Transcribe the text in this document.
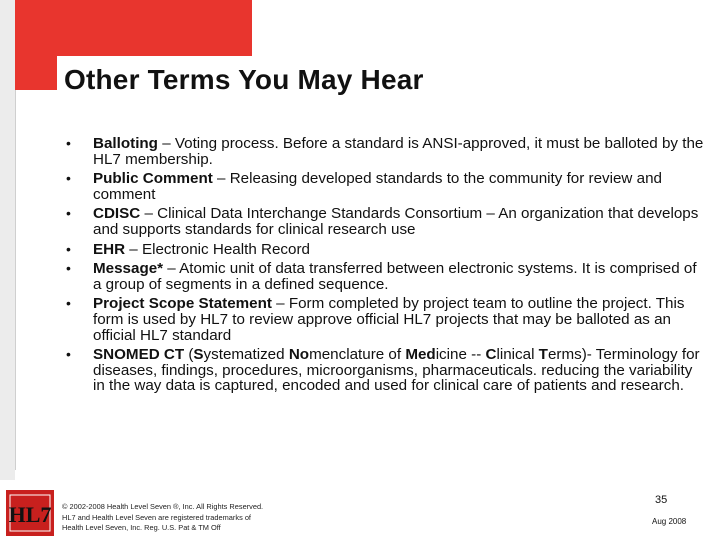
Other Terms You May Hear
• Balloting – Voting process. Before a standard is ANSI-approved, it must be balloted by the HL7 membership.
• Public Comment – Releasing developed standards to the community for review and comment
• CDISC – Clinical Data Interchange Standards Consortium – An organization that develops and supports standards for clinical research use
• EHR – Electronic Health Record
• Message* – Atomic unit of data transferred between electronic systems. It is comprised of a group of segments in a defined sequence.
• Project Scope Statement – Form completed by project team to outline the project. This form is used by HL7 to review approve official HL7 projects that may be balloted as an official HL7 standard
• SNOMED CT (Systematized Nomenclature of Medicine -- Clinical Terms)- Terminology for diseases, findings, procedures, microorganisms, pharmaceuticals. reducing the variability in the way data is captured, encoded and used for clinical care of patients and research.
HL7 © 2002-2008 Health Level Seven ®, Inc. All Rights Reserved.
HL7 and Health Level Seven are registered trademarks of
Health Level Seven, Inc. Reg. U.S. Pat & TM Off
35
Aug 2008
